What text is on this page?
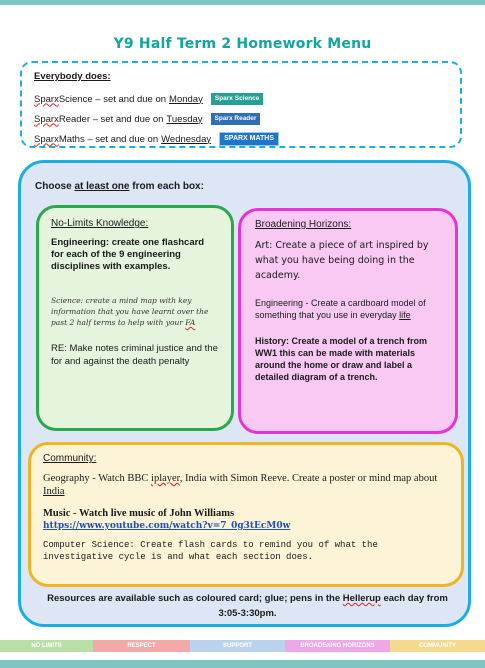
Y9 Half Term 2 Homework Menu
Everybody does:
Sparx Science – set and due on Monday	Sparx Science
Sparx Reader – set and due on Tuesday	Sparx Reader
Sparx Maths – set and due on Wednesday	SPARX MATHS
Choose at least one from each box:
No-Limits Knowledge:
Engineering: create one flashcard for each of the 9 engineering disciplines with examples.
Science: create a mind map with key information that you have learnt over the past 2 half terms to help with your FA
RE: Make notes criminal justice and the for and against the death penalty
Broadening Horizons:
Art: Create a piece of art inspired by what you have being doing in the academy.
Engineering - Create a cardboard model of something that you use in everyday life
History: Create a model of a trench from WW1 this can be made with materials around the home or draw and label a detailed diagram of a trench.
Community:
Geography - Watch BBC iplayer, India with Simon Reeve. Create a poster or mind map about India
Music - Watch live music of John Williams
https://www.youtube.com/watch?v=7_0g3tEcM0w
Computer Science: Create flash cards to remind you of what the investigative cycle is and what each section does.
Resources are available such as coloured card; glue; pens in the Hellerup each day from 3:05-3:30pm.
NO LIMITS	RESPECT	SUPPORT	BROADENING HORIZONS	COMMUNITY
